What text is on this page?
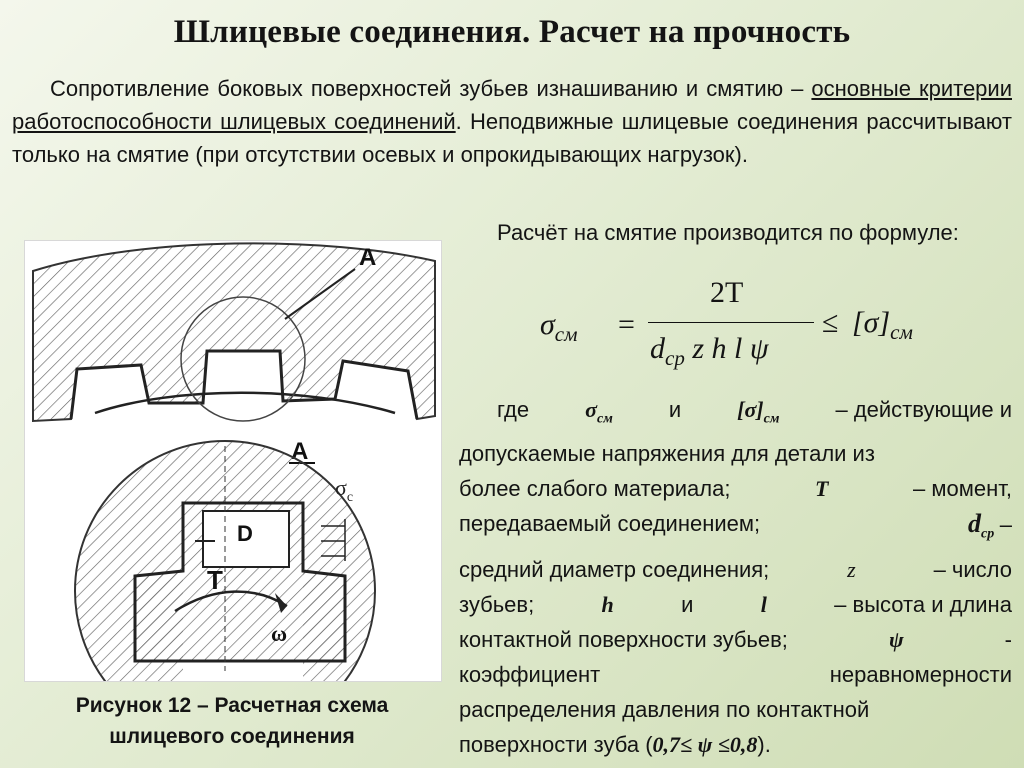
Шлицевые соединения. Расчет на прочность
Сопротивление боковых поверхностей зубьев изнашиванию и смятию – основные критерии работоспособности шлицевых соединений. Неподвижные шлицевые соединения рассчитывают только на смятие (при отсутствии осевых и опрокидывающих нагрузок).
A
A
$\sigma_с$
D
T
ω
Рисунок 12 – Расчетная схема
шлицевого соединения
Расчёт на смятие производится по формуле:
$\sigma_{см}$ =
2T
$d_{ср}$ z h l ψ
≤ $[\sigma]_{см}$
где	$\sigma_{см}$	и	$[\sigma]_{см}$	– действующие и
допускаемые напряжения для детали из
более слабого материала;	T	– момент,
передаваемый соединением;	$d_{ср}$ –
средний диаметр соединения;	z	– число
зубьев;	h	и	l	– высота и длина
контактной поверхности зубьев;	ψ	-
коэффициент	неравномерности
распределения давления по контактной
поверхности зуба (0,7≤ ψ ≤0,8).
